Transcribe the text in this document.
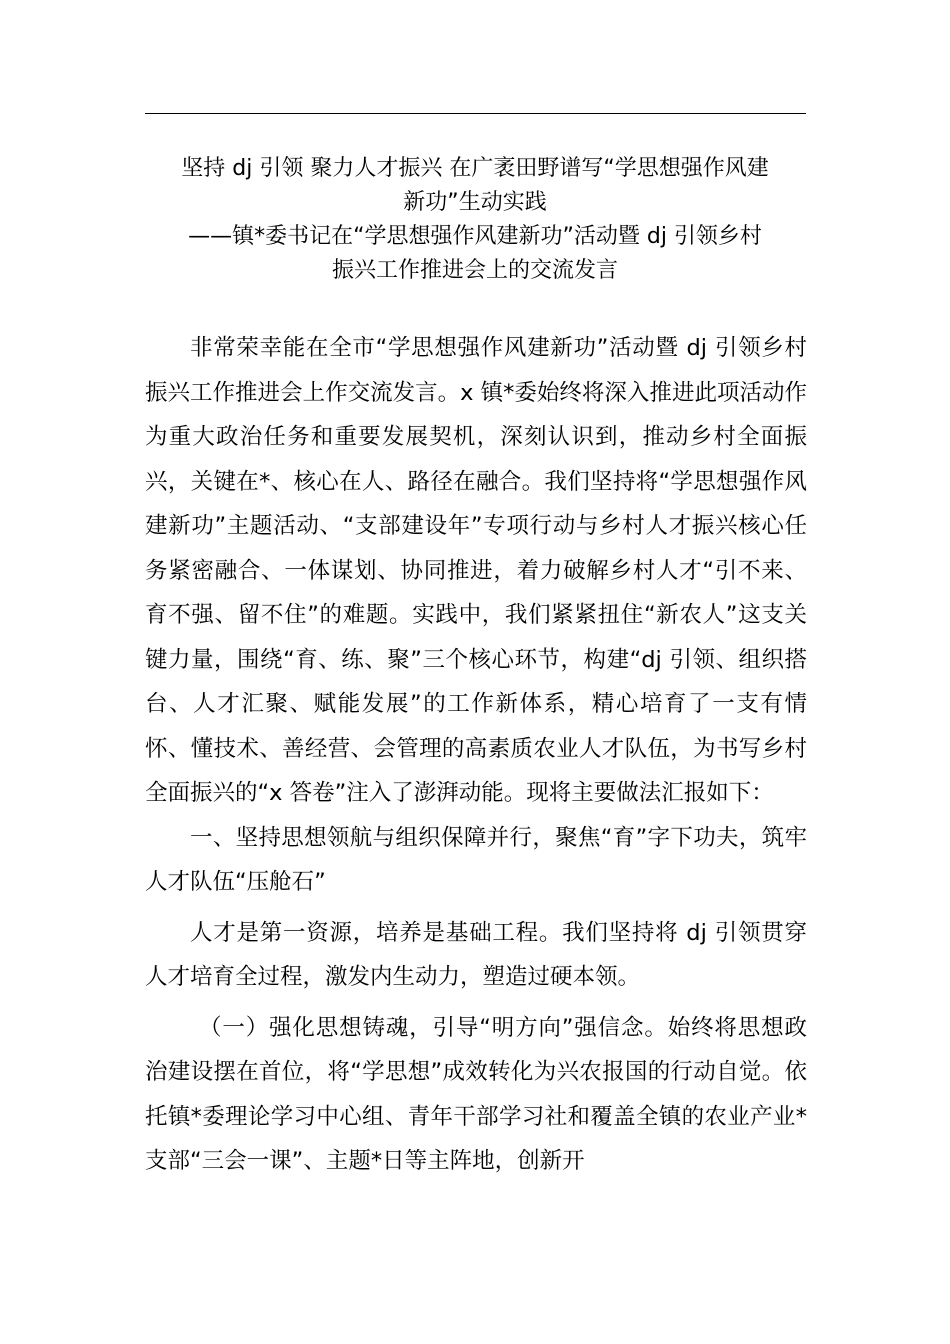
坚持 dj 引领 聚力人才振兴 在广袤田野谱写“学思想强作风建
新功”生动实践
——镇*委书记在“学思想强作风建新功”活动暨 dj 引领乡村
振兴工作推进会上的交流发言

非常荣幸能在全市“学思想强作风建新功”活动暨 dj 引领乡村振兴工作推进会上作交流发言。x 镇*委始终将深入推进此项活动作为重大政治任务和重要发展契机，深刻认识到，推动乡村全面振兴，关键在*、核心在人、路径在融合。我们坚持将“学思想强作风建新功”主题活动、“支部建设年”专项行动与乡村人才振兴核心任务紧密融合、一体谋划、协同推进，着力破解乡村人才“引不来、育不强、留不住”的难题。实践中，我们紧紧扭住“新农人”这支关键力量，围绕“育、练、聚”三个核心环节，构建“dj 引领、组织搭台、人才汇聚、赋能发展”的工作新体系，精心培育了一支有情怀、懂技术、善经营、会管理的高素质农业人才队伍，为书写乡村全面振兴的“x 答卷”注入了澎湃动能。现将主要做法汇报如下：

一、坚持思想领航与组织保障并行，聚焦“育”字下功夫，筑牢人才队伍“压舱石”

人才是第一资源，培养是基础工程。我们坚持将 dj 引领贯穿人才培育全过程，激发内生动力，塑造过硬本领。

（一）强化思想铸魂，引导“明方向”强信念。始终将思想政治建设摆在首位，将“学思想”成效转化为兴农报国的行动自觉。依托镇*委理论学习中心组、青年干部学习社和覆盖全镇的农业产业*支部“三会一课”、主题*日等主阵地，创新开
